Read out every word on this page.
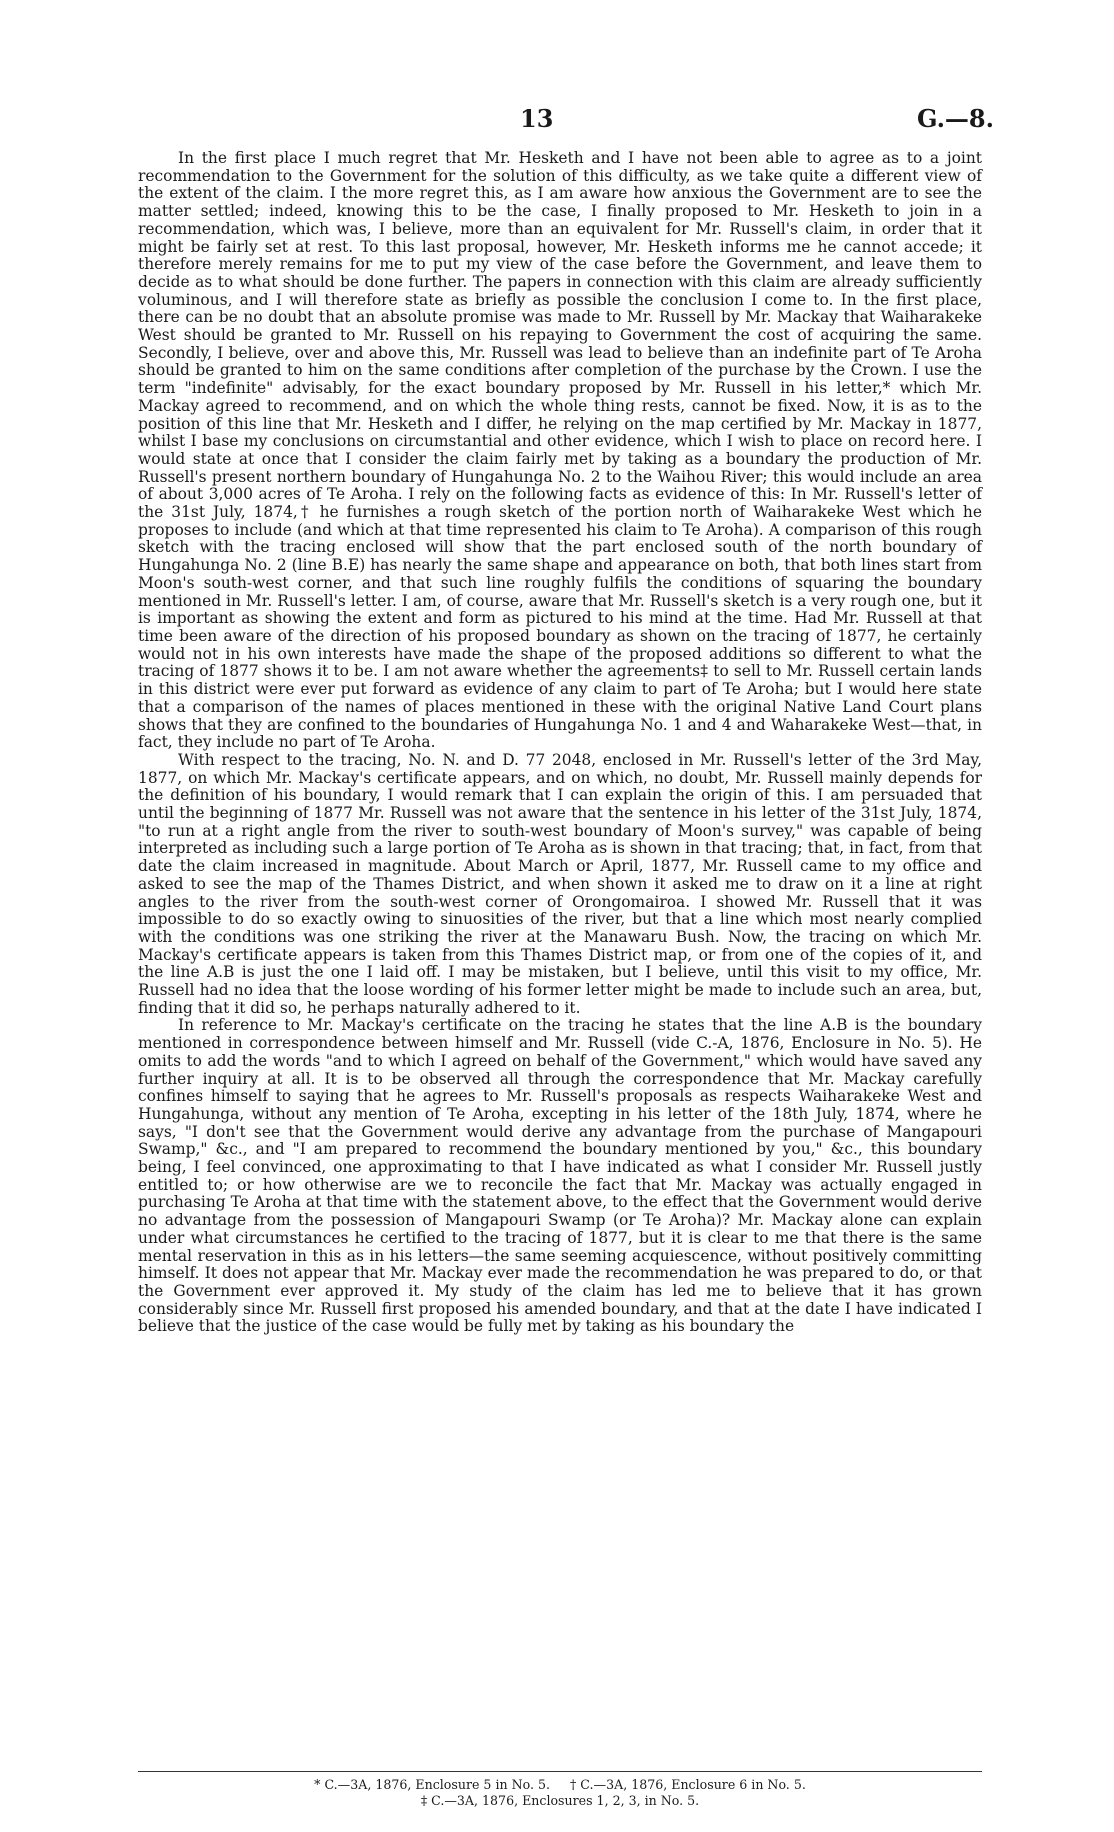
13	G.—8.

In the first place I much regret that Mr. Hesketh and I have not been able to agree as to a joint recommendation to the Government for the solution of this difficulty, as we take quite a different view of the extent of the claim. I the more regret this, as I am aware how anxious the Government are to see the matter settled; indeed, knowing this to be the case, I finally proposed to Mr. Hesketh to join in a recommendation, which was, I believe, more than an equivalent for Mr. Russell's claim, in order that it might be fairly set at rest. To this last proposal, however, Mr. Hesketh informs me he cannot accede; it therefore merely remains for me to put my view of the case before the Government, and leave them to decide as to what should be done further. The papers in connection with this claim are already sufficiently voluminous, and I will therefore state as briefly as possible the conclusion I come to. In the first place, there can be no doubt that an absolute promise was made to Mr. Russell by Mr. Mackay that Waiharakeke West should be granted to Mr. Russell on his repaying to Government the cost of acquiring the same. Secondly, I believe, over and above this, Mr. Russell was lead to believe than an indefinite part of Te Aroha should be granted to him on the same conditions after completion of the purchase by the Crown. I use the term "indefinite" advisably, for the exact boundary proposed by Mr. Russell in his letter,* which Mr. Mackay agreed to recommend, and on which the whole thing rests, cannot be fixed. Now, it is as to the position of this line that Mr. Hesketh and I differ, he relying on the map certified by Mr. Mackay in 1877, whilst I base my conclusions on circumstantial and other evidence, which I wish to place on record here. I would state at once that I consider the claim fairly met by taking as a boundary the production of Mr. Russell's present northern boundary of Hungahunga No. 2 to the Waihou River; this would include an area of about 3,000 acres of Te Aroha. I rely on the following facts as evidence of this: In Mr. Russell's letter of the 31st July, 1874,† he furnishes a rough sketch of the portion north of Waiharakeke West which he proposes to include (and which at that time represented his claim to Te Aroha). A comparison of this rough sketch with the tracing enclosed will show that the part enclosed south of the north boundary of Hungahunga No. 2 (line B.E) has nearly the same shape and appearance on both, that both lines start from Moon's south-west corner, and that such line roughly fulfils the conditions of squaring the boundary mentioned in Mr. Russell's letter. I am, of course, aware that Mr. Russell's sketch is a very rough one, but it is important as showing the extent and form as pictured to his mind at the time. Had Mr. Russell at that time been aware of the direction of his proposed boundary as shown on the tracing of 1877, he certainly would not in his own interests have made the shape of the proposed additions so different to what the tracing of 1877 shows it to be. I am not aware whether the agreements‡ to sell to Mr. Russell certain lands in this district were ever put forward as evidence of any claim to part of Te Aroha; but I would here state that a comparison of the names of places mentioned in these with the original Native Land Court plans shows that they are confined to the boundaries of Hungahunga No. 1 and 4 and Waharakeke West—that, in fact, they include no part of Te Aroha.

With respect to the tracing, No. N. and D. 77 2048, enclosed in Mr. Russell's letter of the 3rd May, 1877, on which Mr. Mackay's certificate appears, and on which, no doubt, Mr. Russell mainly depends for the definition of his boundary, I would remark that I can explain the origin of this. I am persuaded that until the beginning of 1877 Mr. Russell was not aware that the sentence in his letter of the 31st July, 1874, "to run at a right angle from the river to south-west boundary of Moon's survey," was capable of being interpreted as including such a large portion of Te Aroha as is shown in that tracing; that, in fact, from that date the claim increased in magnitude. About March or April, 1877, Mr. Russell came to my office and asked to see the map of the Thames District, and when shown it asked me to draw on it a line at right angles to the river from the south-west corner of Orongomairoa. I showed Mr. Russell that it was impossible to do so exactly owing to sinuosities of the river, but that a line which most nearly complied with the conditions was one striking the river at the Manawaru Bush. Now, the tracing on which Mr. Mackay's certificate appears is taken from this Thames District map, or from one of the copies of it, and the line A.B is just the one I laid off. I may be mistaken, but I believe, until this visit to my office, Mr. Russell had no idea that the loose wording of his former letter might be made to include such an area, but, finding that it did so, he perhaps naturally adhered to it.

In reference to Mr. Mackay's certificate on the tracing he states that the line A.B is the boundary mentioned in correspondence between himself and Mr. Russell (vide C.-A, 1876, Enclosure in No. 5). He omits to add the words "and to which I agreed on behalf of the Government," which would have saved any further inquiry at all. It is to be observed all through the correspondence that Mr. Mackay carefully confines himself to saying that he agrees to Mr. Russell's proposals as respects Waiharakeke West and Hungahunga, without any mention of Te Aroha, excepting in his letter of the 18th July, 1874, where he says, "I don't see that the Government would derive any advantage from the purchase of Mangapouri Swamp," &c., and "I am prepared to recommend the boundary mentioned by you," &c., this boundary being, I feel convinced, one approximating to that I have indicated as what I consider Mr. Russell justly entitled to; or how otherwise are we to reconcile the fact that Mr. Mackay was actually engaged in purchasing Te Aroha at that time with the statement above, to the effect that the Government would derive no advantage from the possession of Mangapouri Swamp (or Te Aroha)? Mr. Mackay alone can explain under what circumstances he certified to the tracing of 1877, but it is clear to me that there is the same mental reservation in this as in his letters—the same seeming acquiescence, without positively committing himself. It does not appear that Mr. Mackay ever made the recommendation he was prepared to do, or that the Government ever approved it. My study of the claim has led me to believe that it has grown considerably since Mr. Russell first proposed his amended boundary, and that at the date I have indicated I believe that the justice of the case would be fully met by taking as his boundary the

* C.—3A, 1876, Enclosure 5 in No. 5.     † C.—3A, 1876, Enclosure 6 in No. 5.
‡ C.—3A, 1876, Enclosures 1, 2, 3, in No. 5.
